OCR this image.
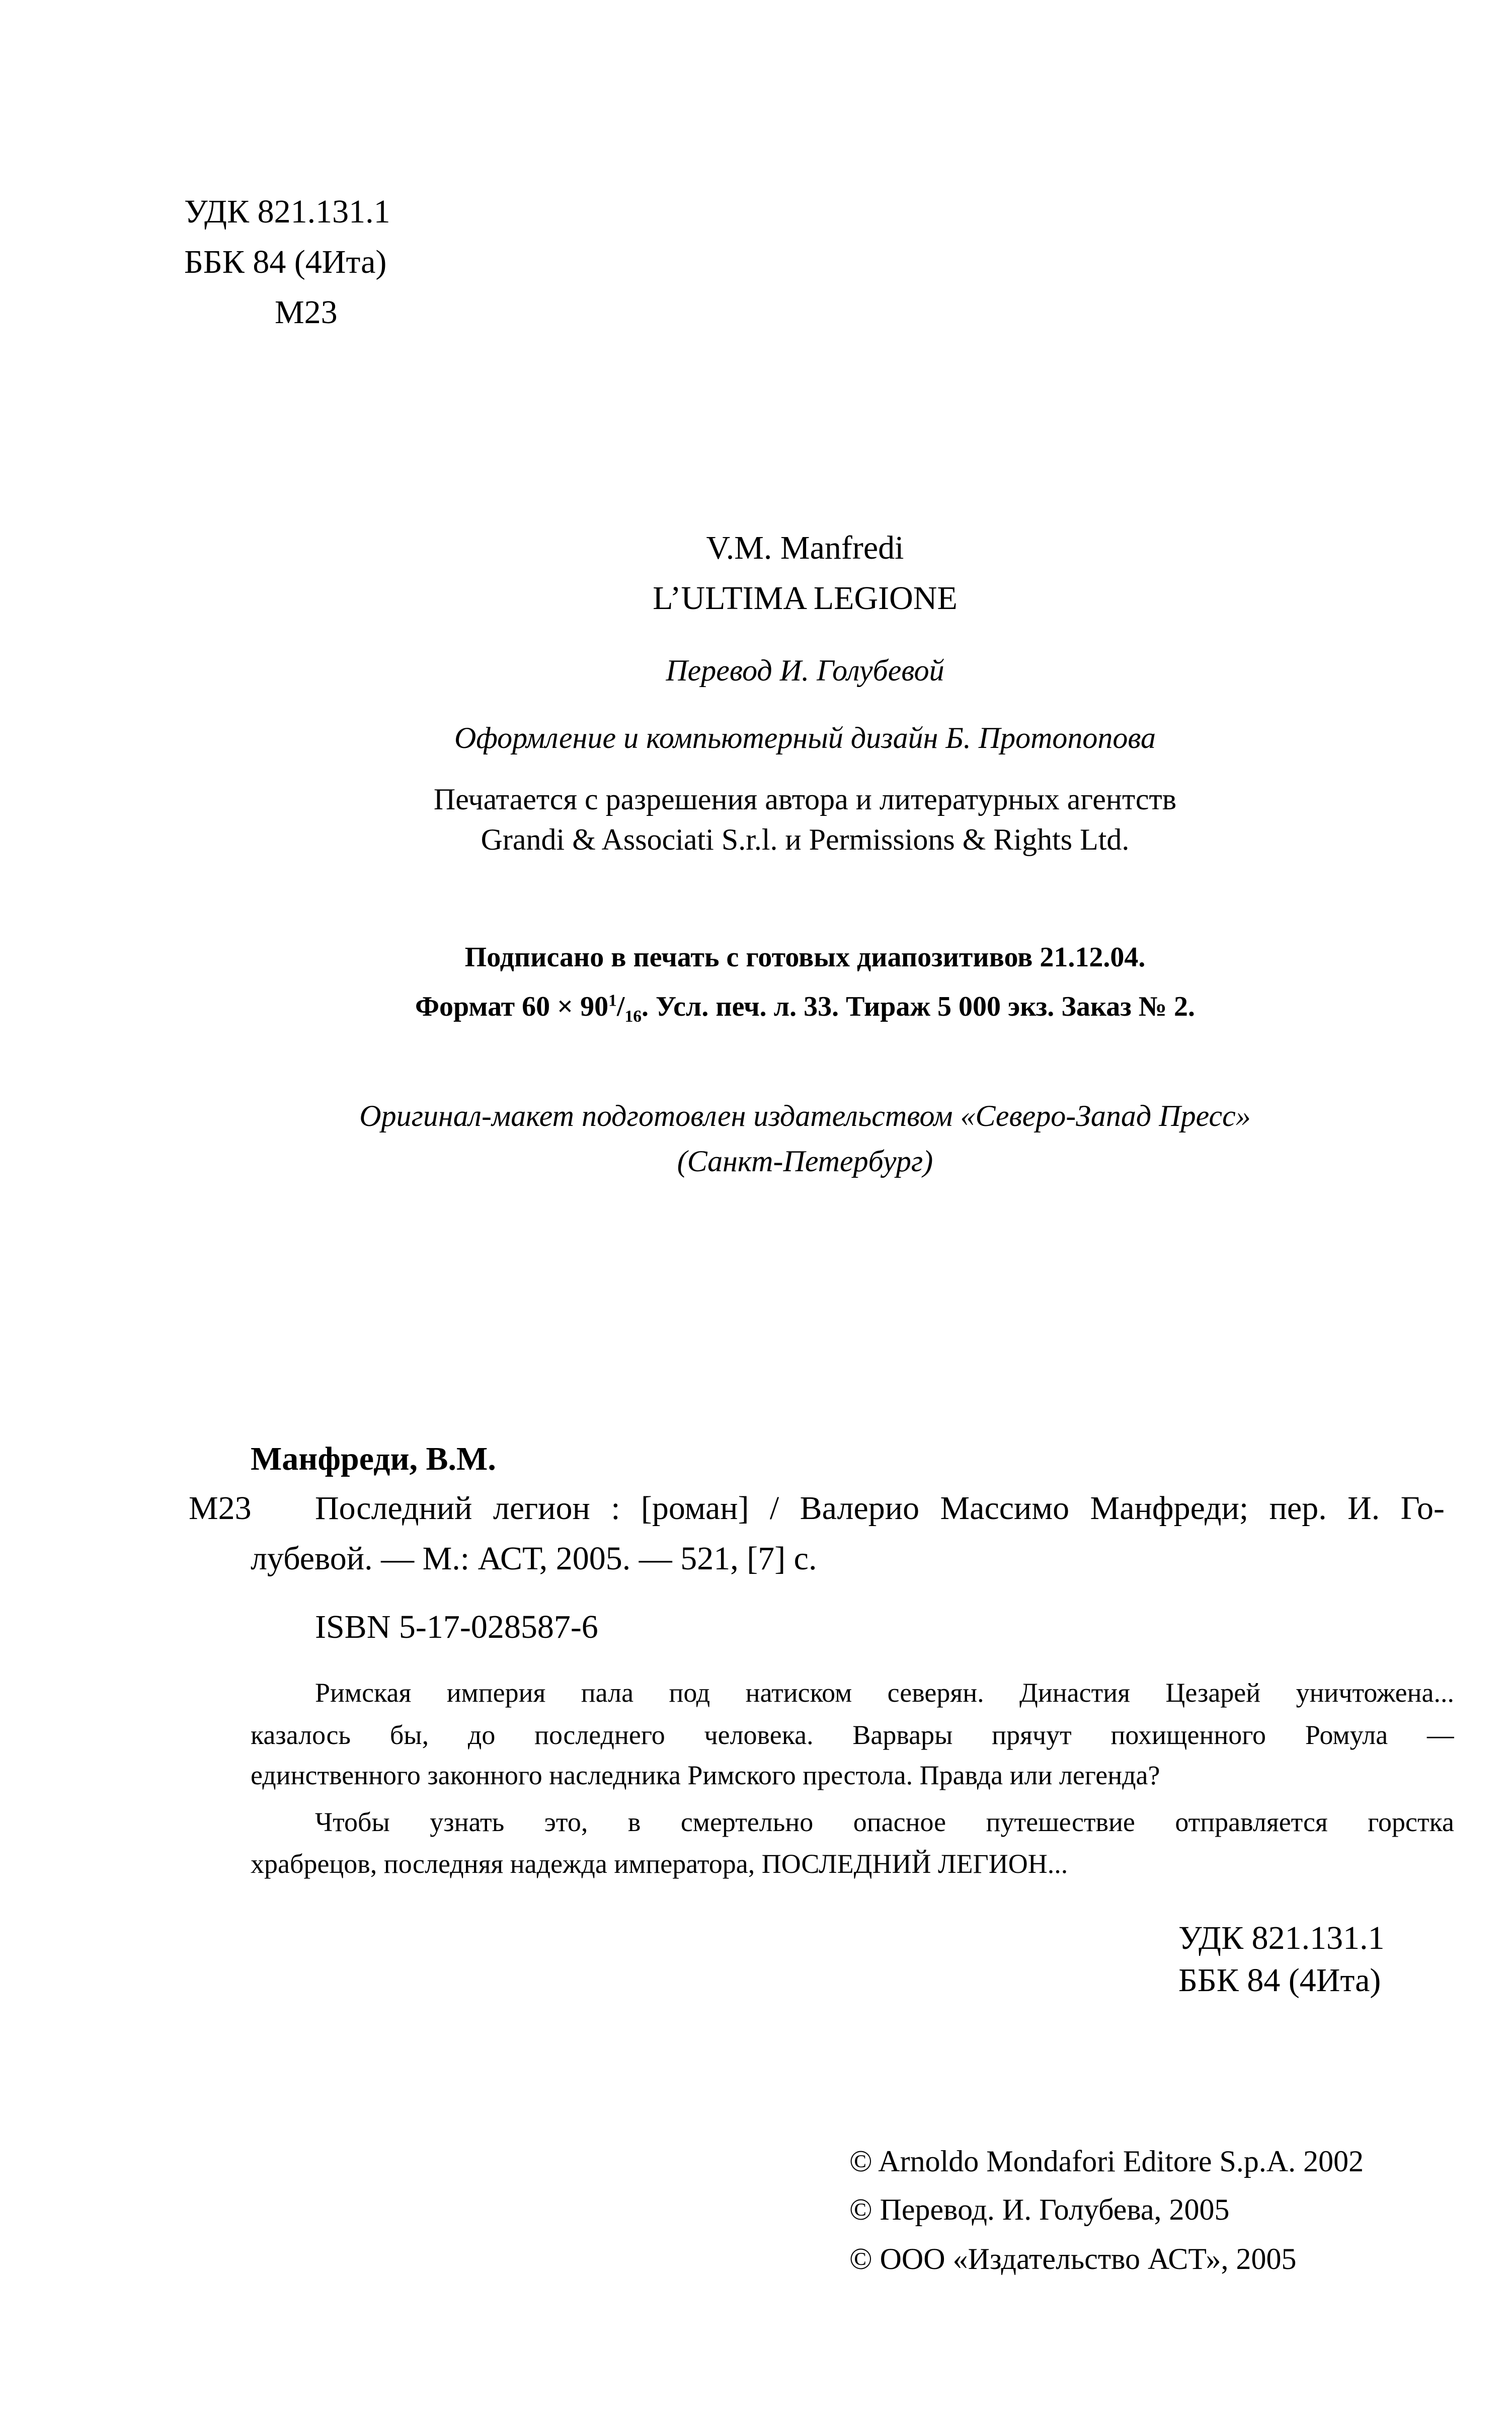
УДК 821.131.1
ББК 84 (4Ита)
М23
V.M. Manfredi
L’ULTIMA LEGIONE
Перевод И. Голубевой
Оформление и компьютерный дизайн Б. Протопопова
Печатается с разрешения автора и литературных агентств
Grandi & Associati S.r.l. и Permissions & Rights Ltd.
Подписано в печать с готовых диапозитивов 21.12.04.
Формат $60 \times 90^1/_{16}$. Усл. печ. л. 33. Тираж 5 000 экз. Заказ № 2.
Оригинал-макет подготовлен издательством «Северо-Запад Пресс»
(Санкт-Петербург)
Манфреди, В.М.
М23 Последний легион : [роман] / Валерио Массимо Манфреди; пер. И. Го-
лубевой. — М.: АСТ, 2005. — 521, [7] с.
ISBN 5-17-028587-6
Римская империя пала под натиском северян. Династия Цезарей уничтожена...
казалось бы, до последнего человека. Варвары прячут похищенного Ромула —
единственного законного наследника Римского престола. Правда или легенда?
Чтобы узнать это, в смертельно опасное путешествие отправляется горстка
храбрецов, последняя надежда императора, ПОСЛЕДНИЙ ЛЕГИОН...
УДК 821.131.1
ББК 84 (4Ита)
© Arnoldo Mondafori Editore S.p.A. 2002
© Перевод. И. Голубева, 2005
© ООО «Издательство АСТ», 2005
